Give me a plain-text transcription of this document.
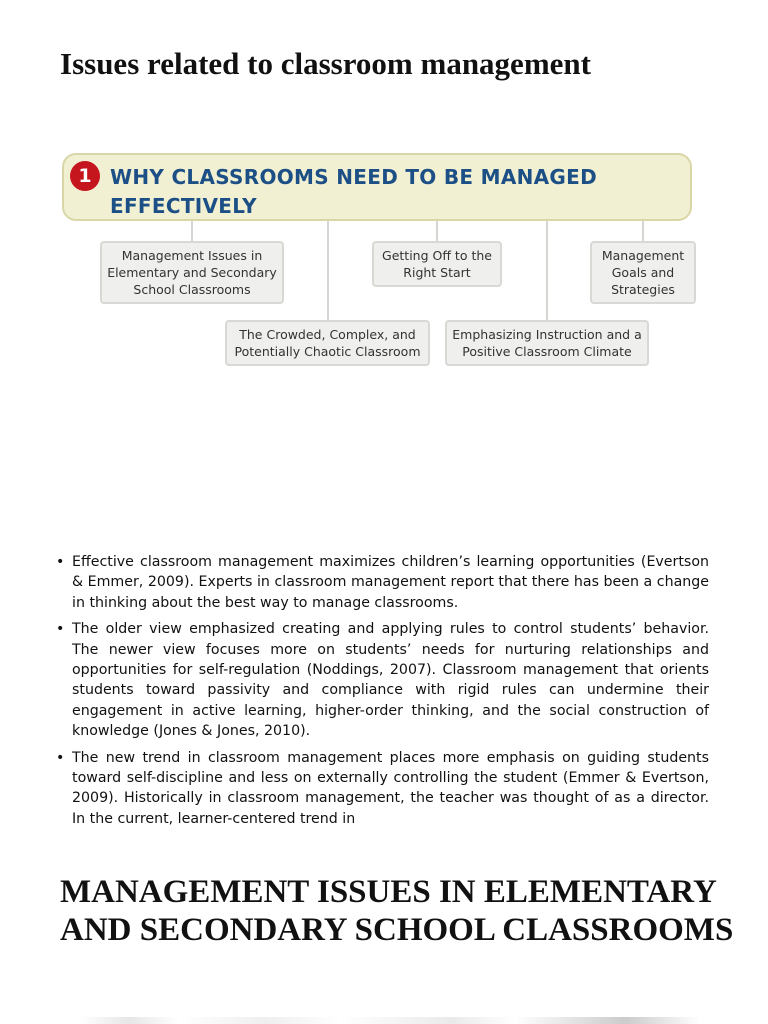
Issues related to classroom management
1 WHY CLASSROOMS NEED TO BE MANAGED EFFECTIVELY
Management Issues in Elementary and Secondary School Classrooms
Getting Off to the Right Start
Management Goals and Strategies
The Crowded, Complex, and Potentially Chaotic Classroom
Emphasizing Instruction and a Positive Classroom Climate
• Effective classroom management maximizes children’s learning opportunities (Evertson & Emmer, 2009). Experts in classroom management report that there has been a change in thinking about the best way to manage classrooms.
• The older view emphasized creating and applying rules to control students’ behavior. The newer view focuses more on students’ needs for nurturing relationships and opportunities for self-regulation (Noddings, 2007). Classroom management that orients students toward passivity and compliance with rigid rules can undermine their engagement in active learning, higher-order thinking, and the social construction of knowledge (Jones & Jones, 2010).
• The new trend in classroom management places more emphasis on guiding students toward self-discipline and less on externally controlling the student (Emmer & Evertson, 2009). Historically in classroom management, the teacher was thought of as a director. In the current, learner-centered trend in
MANAGEMENT ISSUES IN ELEMENTARY AND SECONDARY SCHOOL CLASSROOMS
